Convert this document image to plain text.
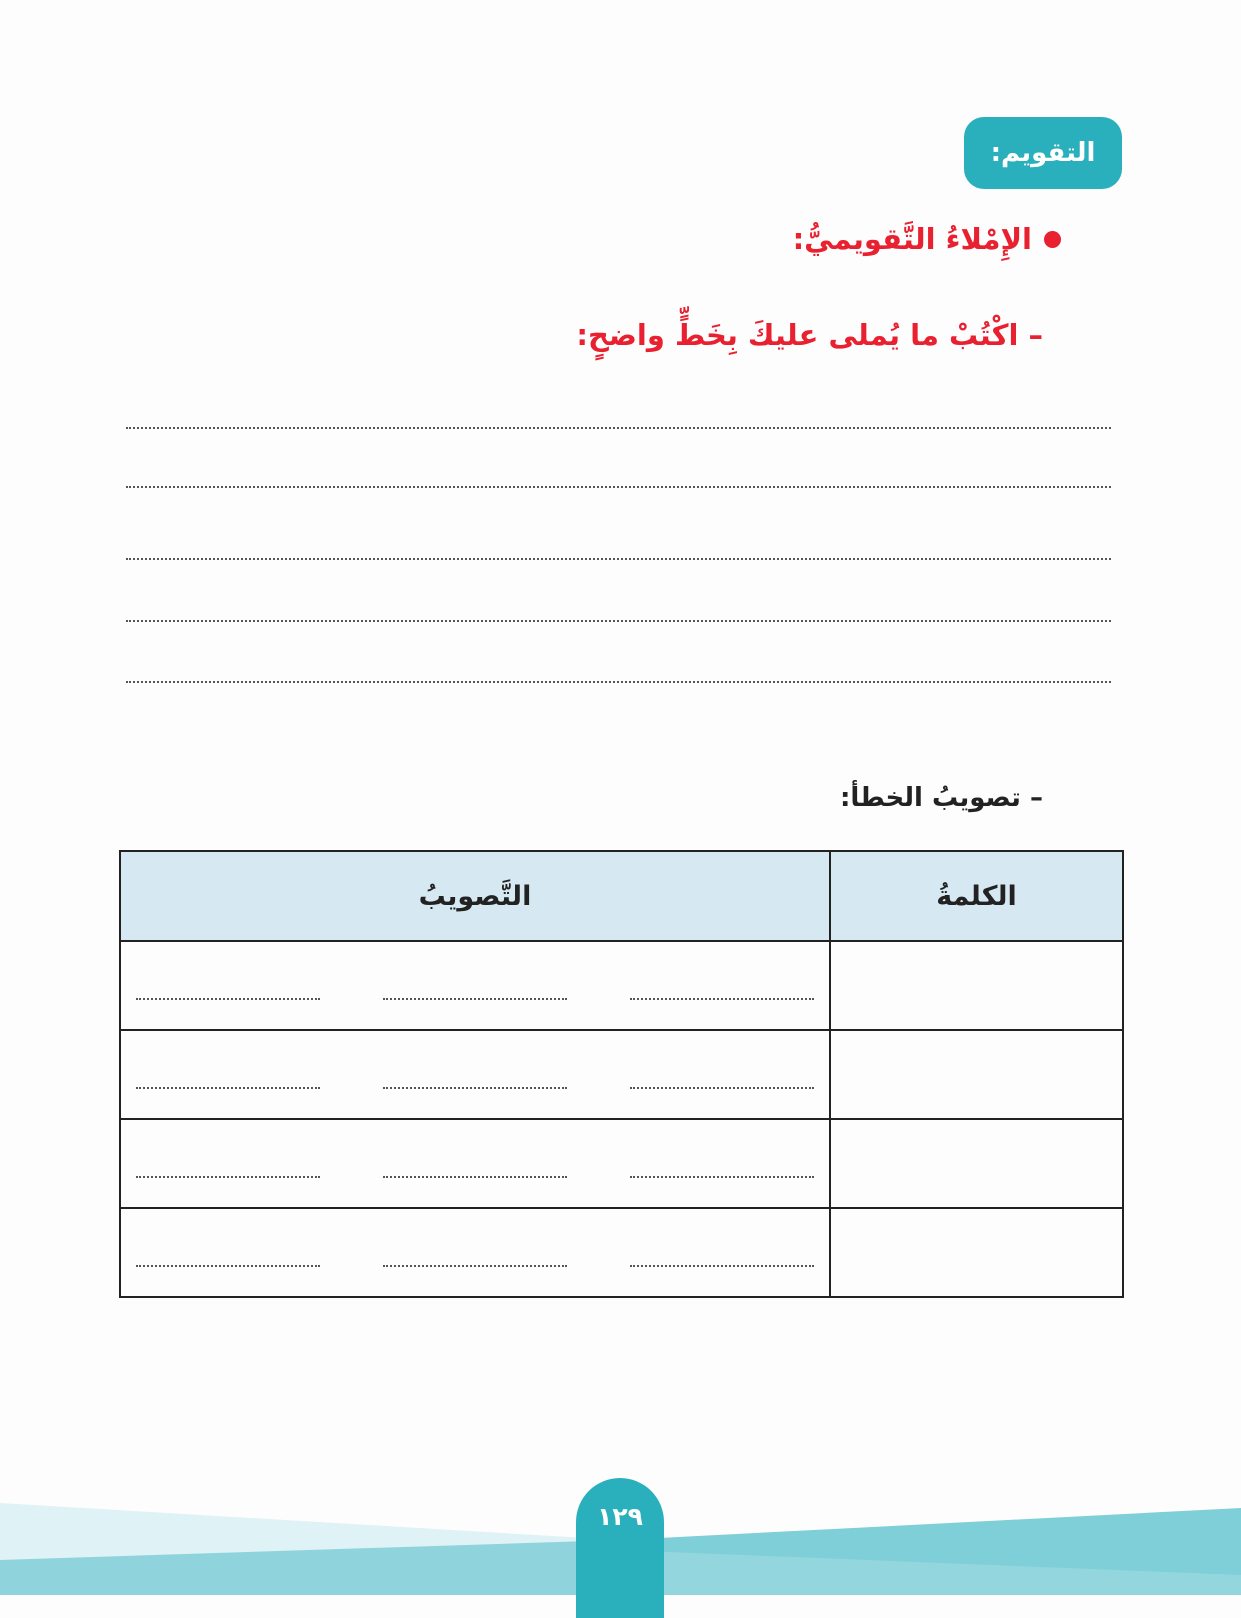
التقويم:
الإِمْلاءُ التَّقويميُّ:
– اكْتُبْ ما يُملى عليكَ بِخَطٍّ واضحٍ:
– تصويبُ الخطأ:
الكلمةُ	التَّصويبُ

١٢٩
